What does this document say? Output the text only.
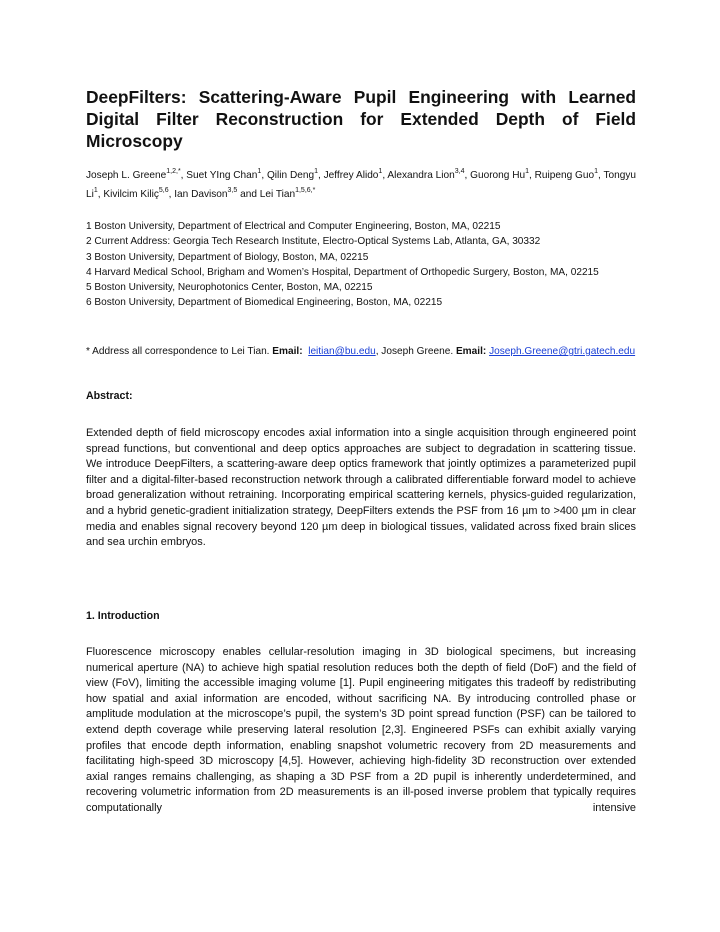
DeepFilters: Scattering-Aware Pupil Engineering with Learned Digital Filter Reconstruction for Extended Depth of Field Microscopy
Joseph L. Greene$^{1,2,*}$, Suet YIng Chan$^1$, Qilin Deng$^1$, Jeffrey Alido$^1$, Alexandra Lion$^{3,4}$, Guorong Hu$^1$, Ruipeng Guo$^1$, Tongyu Li$^1$, Kivilcim Kiliç$^{5,6}$, Ian Davison$^{3,5}$ and Lei Tian$^{1,5,6,*}$
1 Boston University, Department of Electrical and Computer Engineering, Boston, MA, 02215
2 Current Address: Georgia Tech Research Institute, Electro-Optical Systems Lab, Atlanta, GA, 30332
3 Boston University, Department of Biology, Boston, MA, 02215
4 Harvard Medical School, Brigham and Women’s Hospital, Department of Orthopedic Surgery, Boston, MA, 02215
5 Boston University, Neurophotonics Center, Boston, MA, 02215
6 Boston University, Department of Biomedical Engineering, Boston, MA, 02215
* Address all correspondence to Lei Tian. Email: leitian@bu.edu, Joseph Greene. Email: Joseph.Greene@gtri.gatech.edu
Abstract:

Extended depth of field microscopy encodes axial information into a single acquisition through engineered point spread functions, but conventional and deep optics approaches are subject to degradation in scattering tissue. We introduce DeepFilters, a scattering-aware deep optics framework that jointly optimizes a parameterized pupil filter and a digital-filter-based reconstruction network through a calibrated differentiable forward model to achieve broad generalization without retraining. Incorporating empirical scattering kernels, physics-guided regularization, and a hybrid genetic-gradient initialization strategy, DeepFilters extends the PSF from 16 µm to >400 µm in clear media and enables signal recovery beyond 120 µm deep in biological tissues, validated across fixed brain slices and sea urchin embryos.

1. Introduction

Fluorescence microscopy enables cellular-resolution imaging in 3D biological specimens, but increasing numerical aperture (NA) to achieve high spatial resolution reduces both the depth of field (DoF) and the field of view (FoV), limiting the accessible imaging volume [1]. Pupil engineering mitigates this tradeoff by redistributing how spatial and axial information are encoded, without sacrificing NA. By introducing controlled phase or amplitude modulation at the microscope’s pupil, the system’s 3D point spread function (PSF) can be tailored to extend depth coverage while preserving lateral resolution [2,3]. Engineered PSFs can exhibit axially varying profiles that encode depth information, enabling snapshot volumetric recovery from 2D measurements and facilitating high-speed 3D microscopy [4,5]. However, achieving high-fidelity 3D reconstruction over extended axial ranges remains challenging, as shaping a 3D PSF from a 2D pupil is inherently underdetermined, and recovering volumetric information from 2D measurements is an ill-posed inverse problem that typically requires computationally intensive
